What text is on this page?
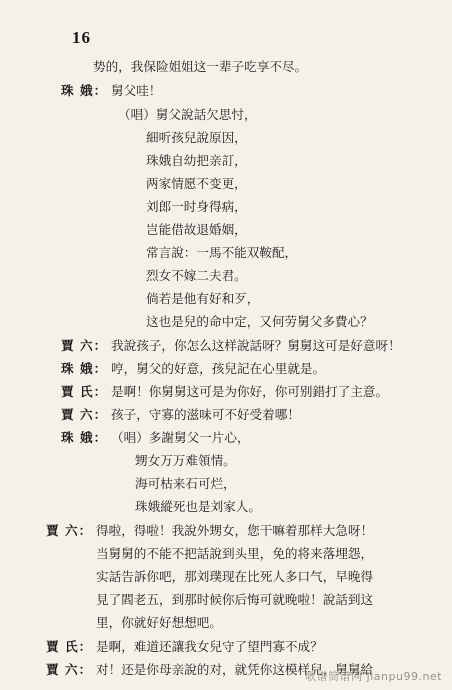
16
势的，我保险姐姐这一辈子吃享不尽。
珠 娥： 舅父哇！
（唱）舅父說話欠思忖，
細听孩兒說原因，
珠娥自幼把亲訂，
两家情愿不变更，
刘郎一时身得病，
岂能借故退婚姻，
常言說：一馬不能双鞍配，
烈女不嫁二夫君。
倘若是他有好和歹，
这也是兒的命中定，又何劳舅父多費心？
賈 六： 我說孩子，你怎么这样說話呀？舅舅这可是好意呀！
珠 娥： 哼，舅父的好意，孩兒記在心里就是。
賈 氏： 是啊！你舅舅这可是为你好，你可别錯打了主意。
賈 六： 孩子，守寡的滋味可不好受着哪！
珠 娥： （唱）多謝舅父一片心，
甥女万万难領情。
海可枯来石可烂，
珠娥縱死也是刘家人。
賈 六： 得啦，得啦！我說外甥女，您干嘛着那样大急呀！
当舅舅的不能不把話說到头里，免的将来落埋怨，
实話告訴你吧，那刘璞现在比死人多口气，早晚得
見了閻老五，到那时候你后悔可就晚啦！說話到这
里，你就好好想想吧。
賈 氏： 是啊，难道还讓我女兒守了望門寡不成？
賈 六： 对！还是你母亲說的对，就凭你这模样兒，舅舅給
歌谱简谱网 jianpu99.net
